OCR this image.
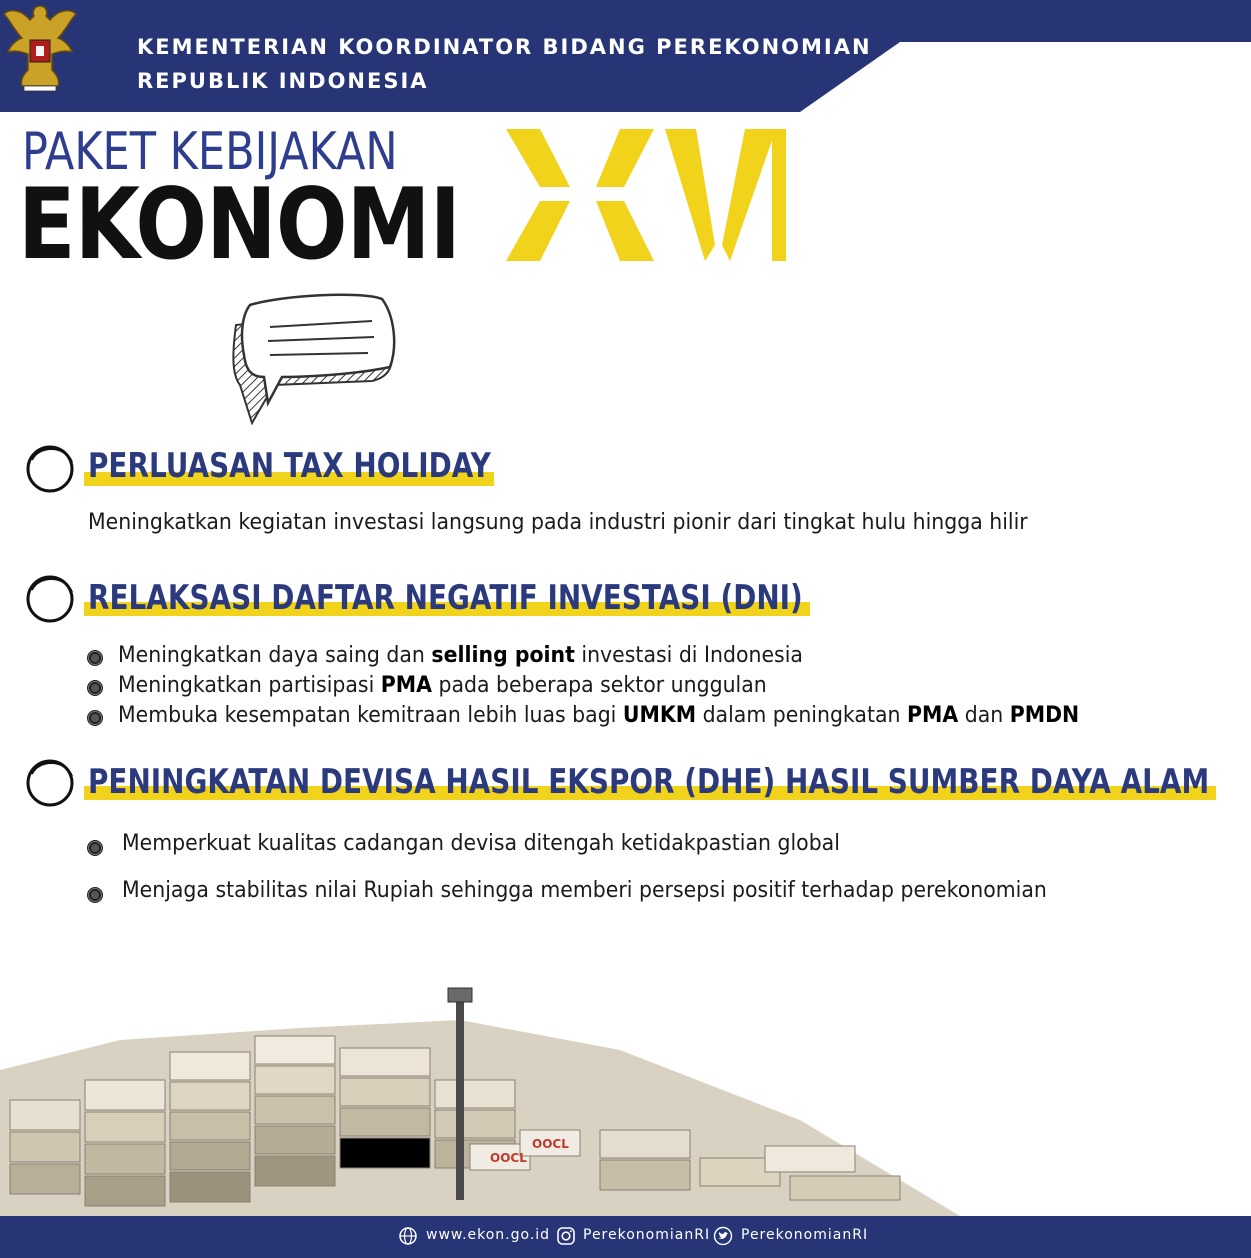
KEMENTERIAN KOORDINATOR BIDANG PEREKONOMIAN
REPUBLIK INDONESIA
PAKET KEBIJAKAN
EKONOMI
XVI
PERLUASAN TAX HOLIDAY
Meningkatkan kegiatan investasi langsung pada industri pionir dari tingkat hulu hingga hilir
RELAKSASI DAFTAR NEGATIF INVESTASI (DNI)
Meningkatkan daya saing dan selling point investasi di Indonesia
Meningkatkan partisipasi PMA pada beberapa sektor unggulan
Membuka kesempatan kemitraan lebih luas bagi UMKM dalam peningkatan PMA dan PMDN
PENINGKATAN DEVISA HASIL EKSPOR (DHE) HASIL SUMBER DAYA ALAM
Memperkuat kualitas cadangan devisa ditengah ketidakpastian global
Menjaga stabilitas nilai Rupiah sehingga memberi persepsi positif terhadap perekonomian
OOCL
OOCL
www.ekon.go.id PerekonomianRI PerekonomianRI
